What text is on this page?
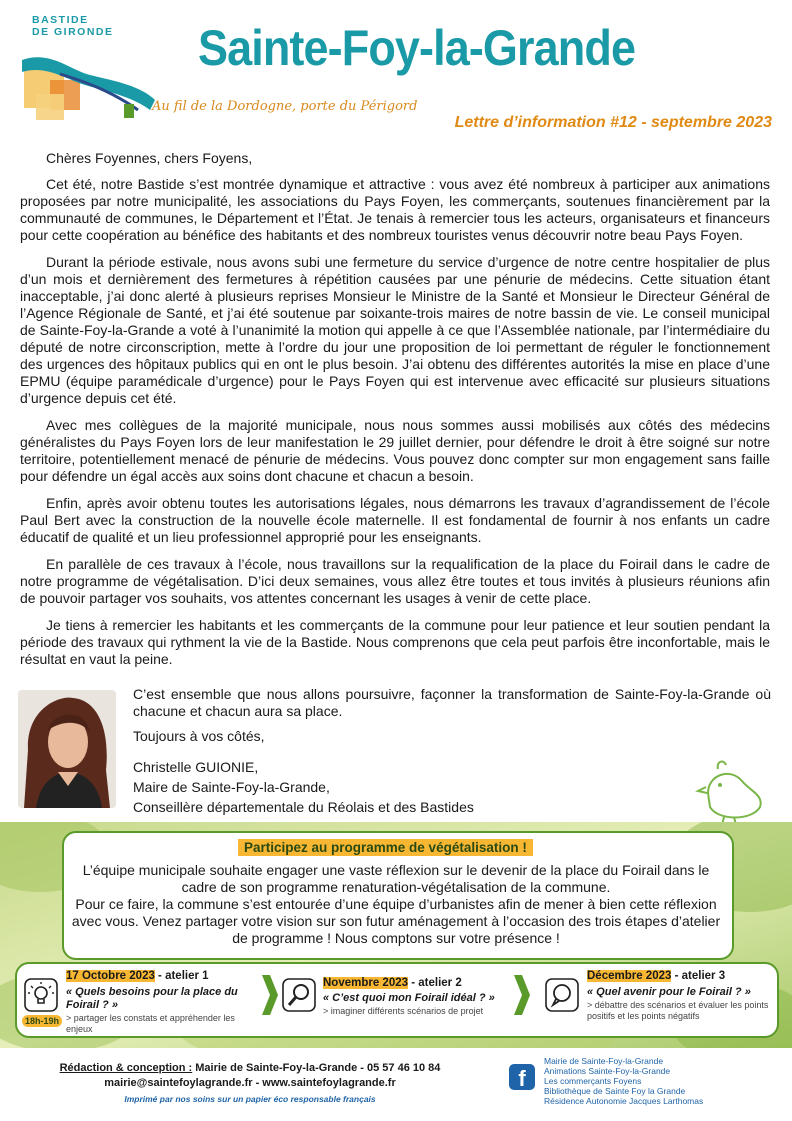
BASTIDE
DE GIRONDE Sainte-Foy-la-Grande
Au fil de la Dordogne, porte du Périgord
Lettre d’information #12 - septembre 2023

Chères Foyennes, chers Foyens,

Cet été, notre Bastide s’est montrée dynamique et attractive : vous avez été nombreux à participer aux animations proposées par notre municipalité, les associations du Pays Foyen, les commerçants, soutenues financièrement par la communauté de communes, le Département et l’État. Je tenais à remercier tous les acteurs, organisateurs et financeurs pour cette coopération au bénéfice des habitants et des nombreux touristes venus découvrir notre beau Pays Foyen.

Durant la période estivale, nous avons subi une fermeture du service d’urgence de notre centre hospitalier de plus d’un mois et dernièrement des fermetures à répétition causées par une pénurie de médecins. Cette situation étant inacceptable, j’ai donc alerté à plusieurs reprises Monsieur le Ministre de la Santé et Monsieur le Directeur Général de l’Agence Régionale de Santé, et j’ai été soutenue par soixante-trois maires de notre bassin de vie. Le conseil municipal de Sainte-Foy-la-Grande a voté à l’unanimité la motion qui appelle à ce que l’Assemblée nationale, par l’intermédiaire du député de notre circonscription, mette à l’ordre du jour une proposition de loi permettant de réguler le fonctionnement des urgences des hôpitaux publics qui en ont le plus besoin. J’ai obtenu des différentes autorités la mise en place d’une EPMU (équipe paramédicale d’urgence) pour le Pays Foyen qui est intervenue avec efficacité sur plusieurs situations d’urgence depuis cet été.

Avec mes collègues de la majorité municipale, nous nous sommes aussi mobilisés aux côtés des médecins généralistes du Pays Foyen lors de leur manifestation le 29 juillet dernier, pour défendre le droit à être soigné sur notre territoire, potentiellement menacé de pénurie de médecins. Vous pouvez donc compter sur mon engagement sans faille pour défendre un égal accès aux soins dont chacune et chacun a besoin.

Enfin, après avoir obtenu toutes les autorisations légales, nous démarrons les travaux d’agrandissement de l’école Paul Bert avec la construction de la nouvelle école maternelle. Il est fondamental de fournir à nos enfants un cadre éducatif de qualité et un lieu professionnel approprié pour les enseignants.

En parallèle de ces travaux à l’école, nous travaillons sur la requalification de la place du Foirail dans le cadre de notre programme de végétalisation. D’ici deux semaines, vous allez être toutes et tous invités à plusieurs réunions afin de pouvoir partager vos souhaits, vos attentes concernant les usages à venir de cette place.

Je tiens à remercier les habitants et les commerçants de la commune pour leur patience et leur soutien pendant la période des travaux qui rythment la vie de la Bastide. Nous comprenons que cela peut parfois être inconfortable, mais le résultat en vaut la peine.

C’est ensemble que nous allons poursuivre, façonner la transformation de Sainte-Foy-la-Grande où chacune et chacun aura sa place.

Toujours à vos côtés,

Christelle GUIONIE,
Maire de Sainte-Foy-la-Grande,
Conseillère départementale du Réolais et des Bastides
Participez au programme de végétalisation !

L’équipe municipale souhaite engager une vaste réflexion sur le devenir de la place du Foirail dans le cadre de son programme renaturation-végétalisation de la commune.

Pour ce faire, la commune s’est entourée d’une équipe d’urbanistes afin de mener à bien cette réflexion avec vous. Venez partager votre vision sur son futur aménagement à l’occasion des trois étapes d’atelier de programme ! Nous comptons sur votre présence !

18h-19h
17 Octobre 2023 - atelier 1
« Quels besoins pour la place du Foirail ? »
> partager les constats et appréhender les enjeux
Novembre 2023 - atelier 2
« C’est quoi mon Foirail idéal ? »
> imaginer différents scénarios de projet
Décembre 2023 - atelier 3
« Quel avenir pour le Foirail ? »
> débattre des scénarios et évaluer les points positifs et les points négatifs
Rédaction & conception : Mairie de Sainte-Foy-la-Grande - 05 57 46 10 84
mairie@saintefoylagrande.fr - www.saintefoylagrande.fr
Imprimé par nos soins sur un papier éco responsable français
f
Mairie de Sainte-Foy-la-Grande
Animations Sainte-Foy-la-Grande
Les commerçants Foyens
Bibliothèque de Sainte Foy la Grande
Résidence Autonomie Jacques Larthomas
